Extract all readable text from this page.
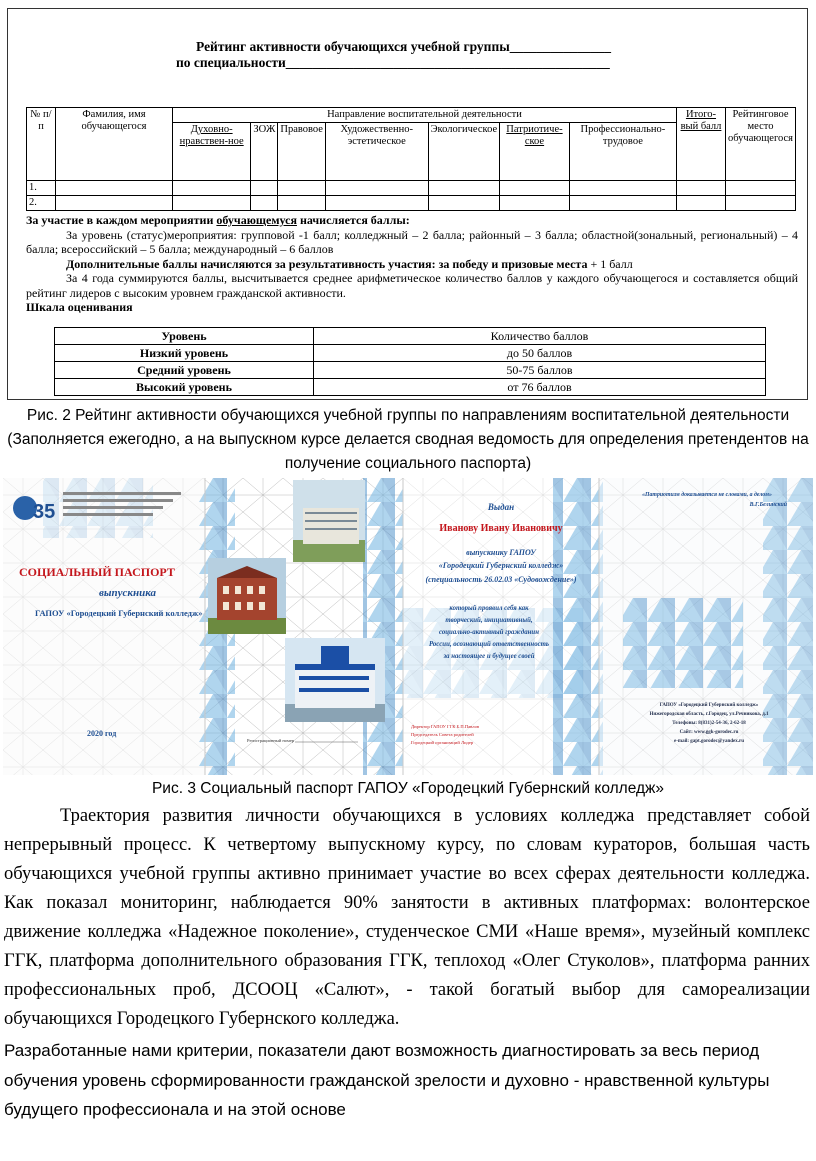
Рейтинг активности обучающихся учебной группы_______________
по специальности________________________________________________
№ п/п	Фамилия, имя обучающегося	Направление воспитательной деятельности							Итого-вый балл	Рейтинговое место обучающегося
		Духовно-нравствен-ное	ЗОЖ	Правовое	Художественно-эстетическое	Экологическое	Патриотиче-ское	Профессионально-трудовое		
1.										
2.										

За участие в каждом мероприятии обучающемуся начисляется баллы:

За уровень (статус)мероприятия: групповой -1 балл; колледжный – 2 балла; районный – 3 балла; областной(зональный, региональный) – 4 балла; всероссийский – 5 балла; международный – 6 баллов

Дополнительные баллы начисляются за результативность участия: за победу и призовые места + 1 балл

За 4 года суммируются баллы, высчитывается среднее арифметическое количество баллов у каждого обучающегося и составляется общий рейтинг лидеров с высоким уровнем гражданской активности.

Шкала оценивания

Уровень	Количество баллов
Низкий уровень	до 50 баллов
Средний уровень	50-75 баллов
Высокий уровень	от 76 баллов
Рис. 2 Рейтинг активности обучающихся учебной группы по направлениям воспитательной деятельности (Заполняется ежегодно, а на выпускном курсе делается сводная ведомость для определения претендентов на получение социального паспорта)
35
СОЦИАЛЬНЫЙ ПАСПОРТ
выпускника
ГАПОУ «Городецкий Губернский колледж»
2020 год
Регистрационный номер
Выдан
Иванову Ивану Ивановичу
выпускнику ГАПОУ
«Городецкий Губернский колледж»
(специальность 26.02.03 «Судовождение»)
который проявил себя как творческий, инициативный, социально-активный гражданин России, осознающий ответственность за настоящее и будущее своей
Директор ГАПОУ ГГК Б.П.Павлов
Председатель Совета родителей
Городецкий организаций Лидер
«Патриотизм доказывается не словами, а делом»
В.Г.Белинский
ГАПОУ «Городецкий Губернский колледж»
Нижегородская область, г.Городец, ул.Речникова, д.1
Телефоны: 8(831)2-54-36, 2-62-18
Сайт: www.ggk-gorodec.ru
e-mail: gapt.gorodec@yandex.ru
Рис. 3 Социальный паспорт ГАПОУ «Городецкий Губернский колледж»

Траектория развития личности обучающихся в условиях колледжа представляет собой непрерывный процесс. К четвертому выпускному курсу, по словам кураторов, большая часть обучающихся учебной группы активно принимает участие во всех сферах деятельности колледжа. Как показал мониторинг, наблюдается 90% занятости в активных платформах: волонтерское движение колледжа «Надежное поколение», студенческое СМИ «Наше время», музейный комплекс ГГК, платформа дополнительного образования ГГК, теплоход «Олег Стуколов», платформа ранних профессиональных проб, ДСООЦ «Салют», - такой богатый выбор для самореализации обучающихся Городецкого Губернского колледжа.

Разработанные нами критерии, показатели дают возможность диагностировать за весь период обучения уровень сформированности гражданской зрелости и духовно - нравственной культуры будущего профессионала и на этой основе
